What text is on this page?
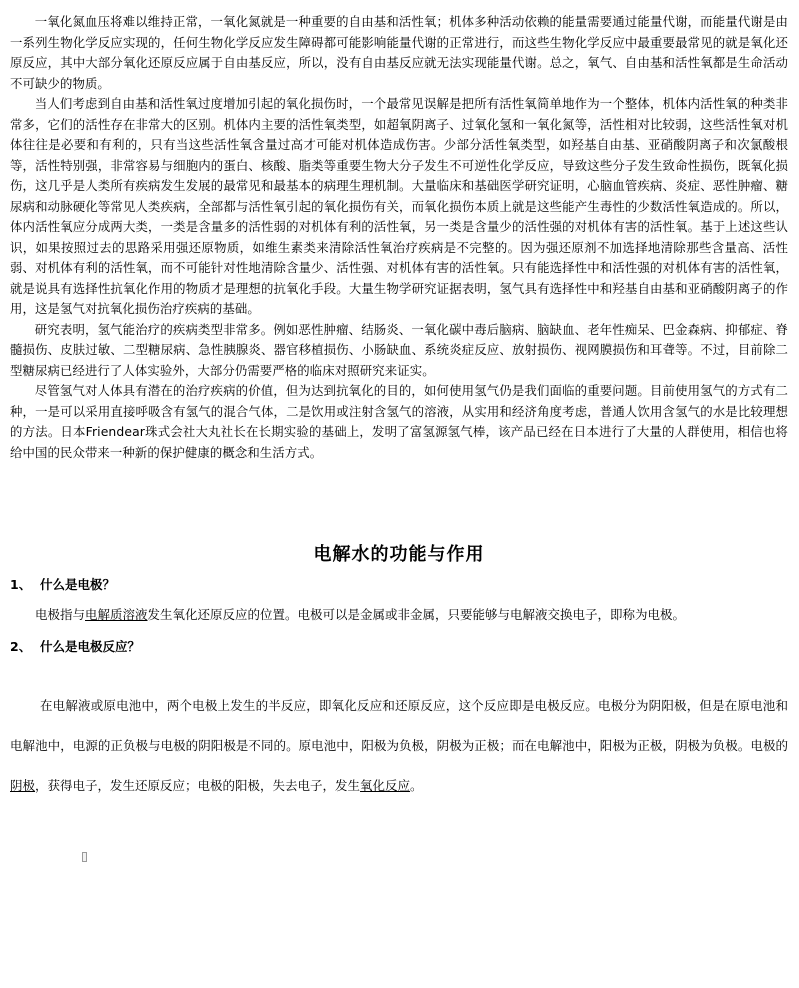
一氧化氮血压将难以维持正常，一氧化氮就是一种重要的自由基和活性氧；机体多种活动依赖的能量需要通过能量代谢，而能量代谢是由一系列生物化学反应实现的，任何生物化学反应发生障碍都可能影响能量代谢的正常进行，而这些生物化学反应中最重要最常见的就是氧化还原反应，其中大部分氧化还原反应属于自由基反应，所以，没有自由基反应就无法实现能量代谢。总之，氧气、自由基和活性氧都是生命活动不可缺少的物质。

当人们考虑到自由基和活性氧过度增加引起的氧化损伤时，一个最常见误解是把所有活性氧简单地作为一个整体，机体内活性氧的种类非常多，它们的活性存在非常大的区别。机体内主要的活性氧类型，如超氧阴离子、过氧化氢和一氧化氮等，活性相对比较弱，这些活性氧对机体往往是必要和有利的，只有当这些活性氧含量过高才可能对机体造成伤害。少部分活性氧类型，如羟基自由基、亚硝酸阴离子和次氯酸根等，活性特别强，非常容易与细胞内的蛋白、核酸、脂类等重要生物大分子发生不可逆性化学反应，导致这些分子发生致命性损伤，既氧化损伤，这几乎是人类所有疾病发生发展的最常见和最基本的病理生理机制。大量临床和基础医学研究证明，心脑血管疾病、炎症、恶性肿瘤、糖尿病和动脉硬化等常见人类疾病，全部都与活性氧引起的氧化损伤有关，而氧化损伤本质上就是这些能产生毒性的少数活性氧造成的。所以，体内活性氧应分成两大类，一类是含量多的活性弱的对机体有利的活性氧，另一类是含量少的活性强的对机体有害的活性氧。基于上述这些认识，如果按照过去的思路采用强还原物质，如维生素类来清除活性氧治疗疾病是不完整的。因为强还原剂不加选择地清除那些含量高、活性弱、对机体有利的活性氧，而不可能针对性地清除含量少、活性强、对机体有害的活性氧。只有能选择性中和活性强的对机体有害的活性氧，就是说具有选择性抗氧化作用的物质才是理想的抗氧化手段。大量生物学研究证据表明，氢气具有选择性中和羟基自由基和亚硝酸阴离子的作用，这是氢气对抗氧化损伤治疗疾病的基础。

研究表明，氢气能治疗的疾病类型非常多。例如恶性肿瘤、结肠炎、一氧化碳中毒后脑病、脑缺血、老年性痴呆、巴金森病、抑郁症、脊髓损伤、皮肤过敏、二型糖尿病、急性胰腺炎、器官移植损伤、小肠缺血、系统炎症反应、放射损伤、视网膜损伤和耳聋等。不过，目前除二型糖尿病已经进行了人体实验外，大部分仍需要严格的临床对照研究来证实。

尽管氢气对人体具有潜在的治疗疾病的价值，但为达到抗氧化的目的，如何使用氢气仍是我们面临的重要问题。目前使用氢气的方式有二种，一是可以采用直接呼吸含有氢气的混合气体，二是饮用或注射含氢气的溶液，从实用和经济角度考虑，普通人饮用含氢气的水是比较理想的方法。日本Friendear珠式会社大丸社长在长期实验的基础上，发明了富氢源氢气棒，该产品已经在日本进行了大量的人群使用，相信也将给中国的民众带来一种新的保护健康的概念和生活方式。

电解水的功能与作用

1、 什么是电极？

电极指与电解质溶液发生氧化还原反应的位置。电极可以是金属或非金属，只要能够与电解液交换电子，即称为电极。

2、 什么是电极反应？

在电解液或原电池中，两个电极上发生的半反应，即氧化反应和还原反应，这个反应即是电极反应。电极分为阴阳极，但是在原电池和电解池中，电源的正负极与电极的阴阳极是不同的。原电池中，阳极为负极，阴极为正极；而在电解池中，阳极为正极，阴极为负极。电极的阴极，获得电子，发生还原反应；电极的阳极，失去电子，发生氧化反应。
